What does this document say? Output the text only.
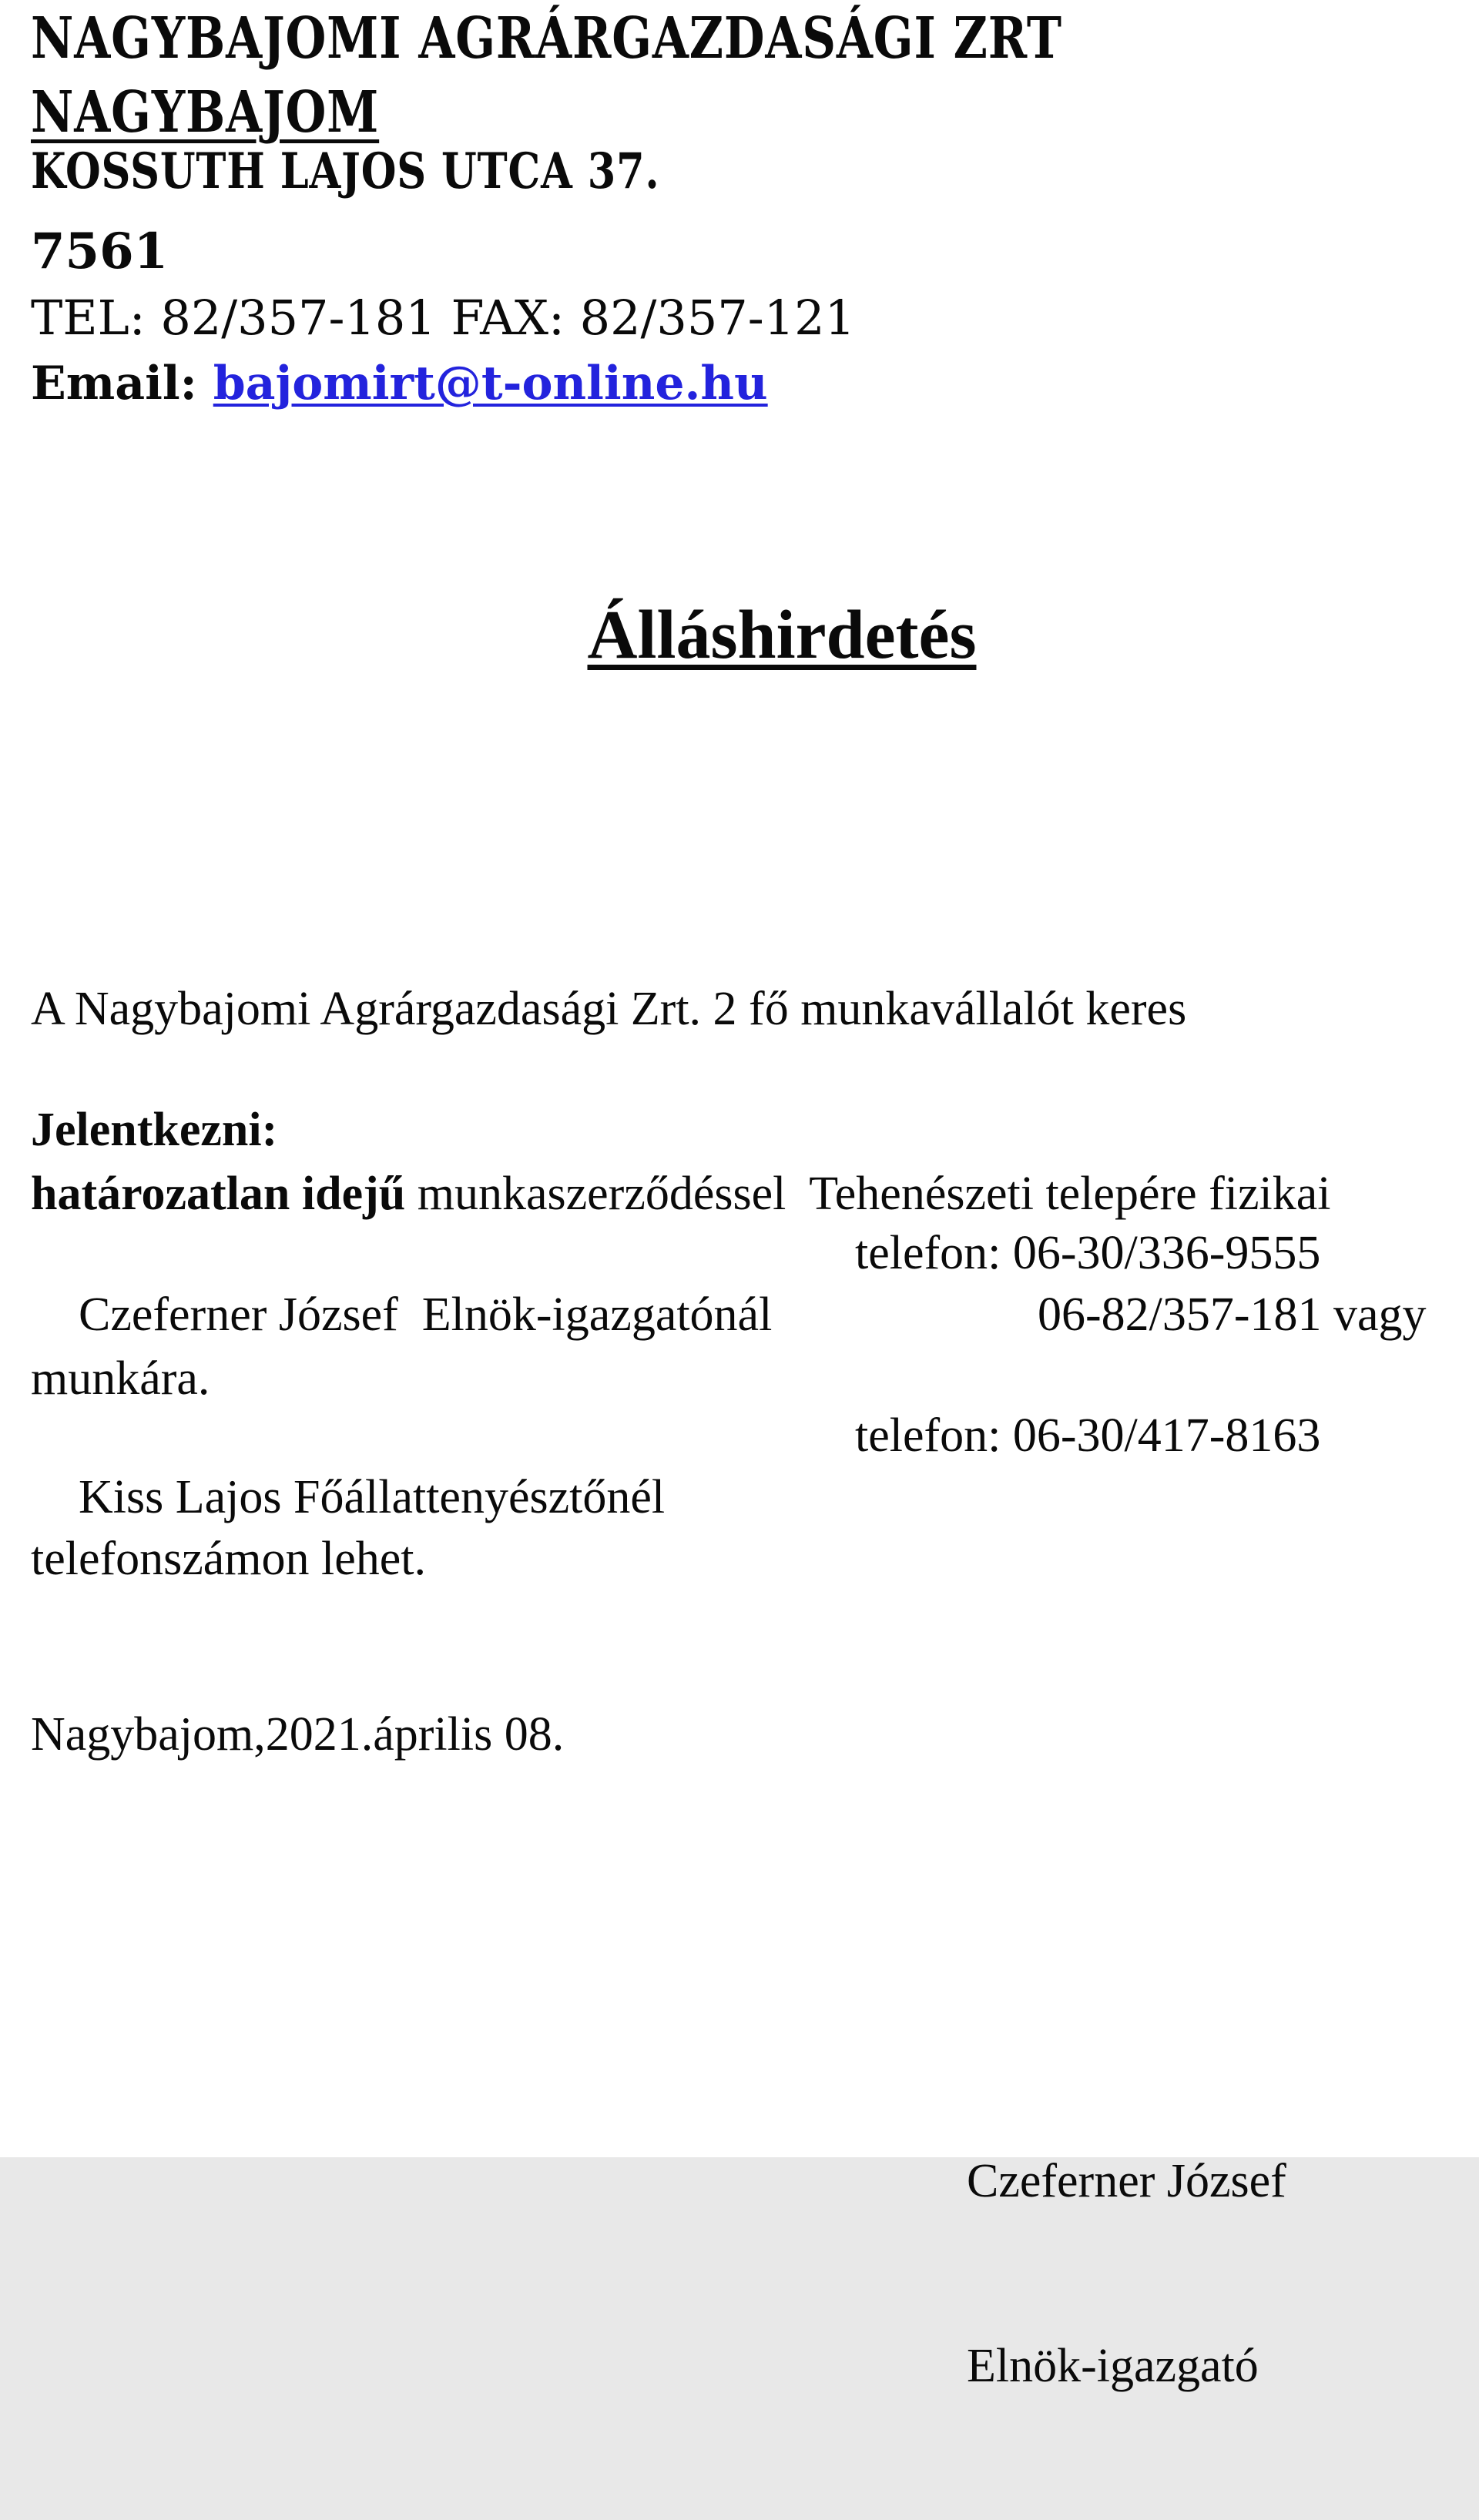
NAGYBAJOMI AGRÁRGAZDASÁGI ZRT
NAGYBAJOM
KOSSUTH LAJOS UTCA 37.
7561
TEL: 82/357-181 FAX: 82/357-121
Email: bajomirt@t-online.hu
Álláshirdetés

A Nagybajomi Agrárgazdasági Zrt. 2 fő munkavállalót keres

határozatlan idejű munkaszerződéssel  Tehenészeti telepére fizikai

munkára.

Jelentkezni:

Czeferner József  Elnök-igazgatónál

telefon: 06-30/336-9555

06-82/357-181 vagy

Kiss Lajos Főállattenyésztőnél

telefon: 06-30/417-8163

telefonszámon lehet.
Nagybajom,2021.április 08.

Czeferner József

Elnök-igazgató
